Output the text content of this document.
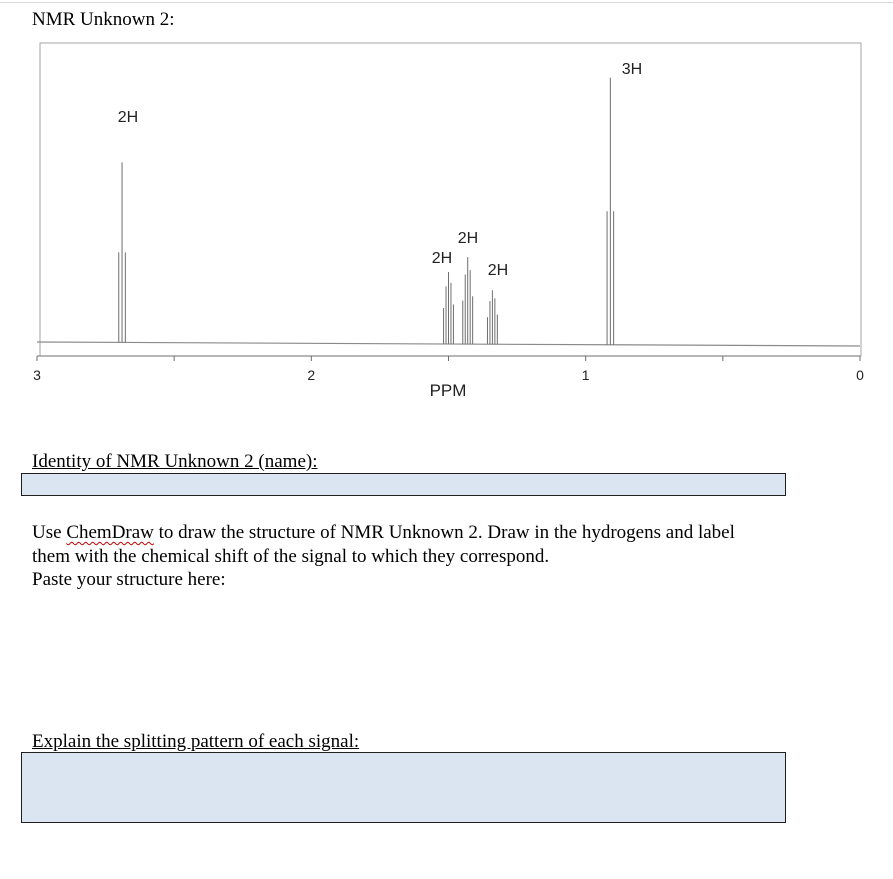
NMR Unknown 2:
3	2	1	0
2H
2H
2H
2H
3H
PPM
Identity of NMR Unknown 2 (name):
Use ChemDraw to draw the structure of NMR Unknown 2. Draw in the hydrogens and label
them with the chemical shift of the signal to which they correspond.
Paste your structure here:
Explain the splitting pattern of each signal:
